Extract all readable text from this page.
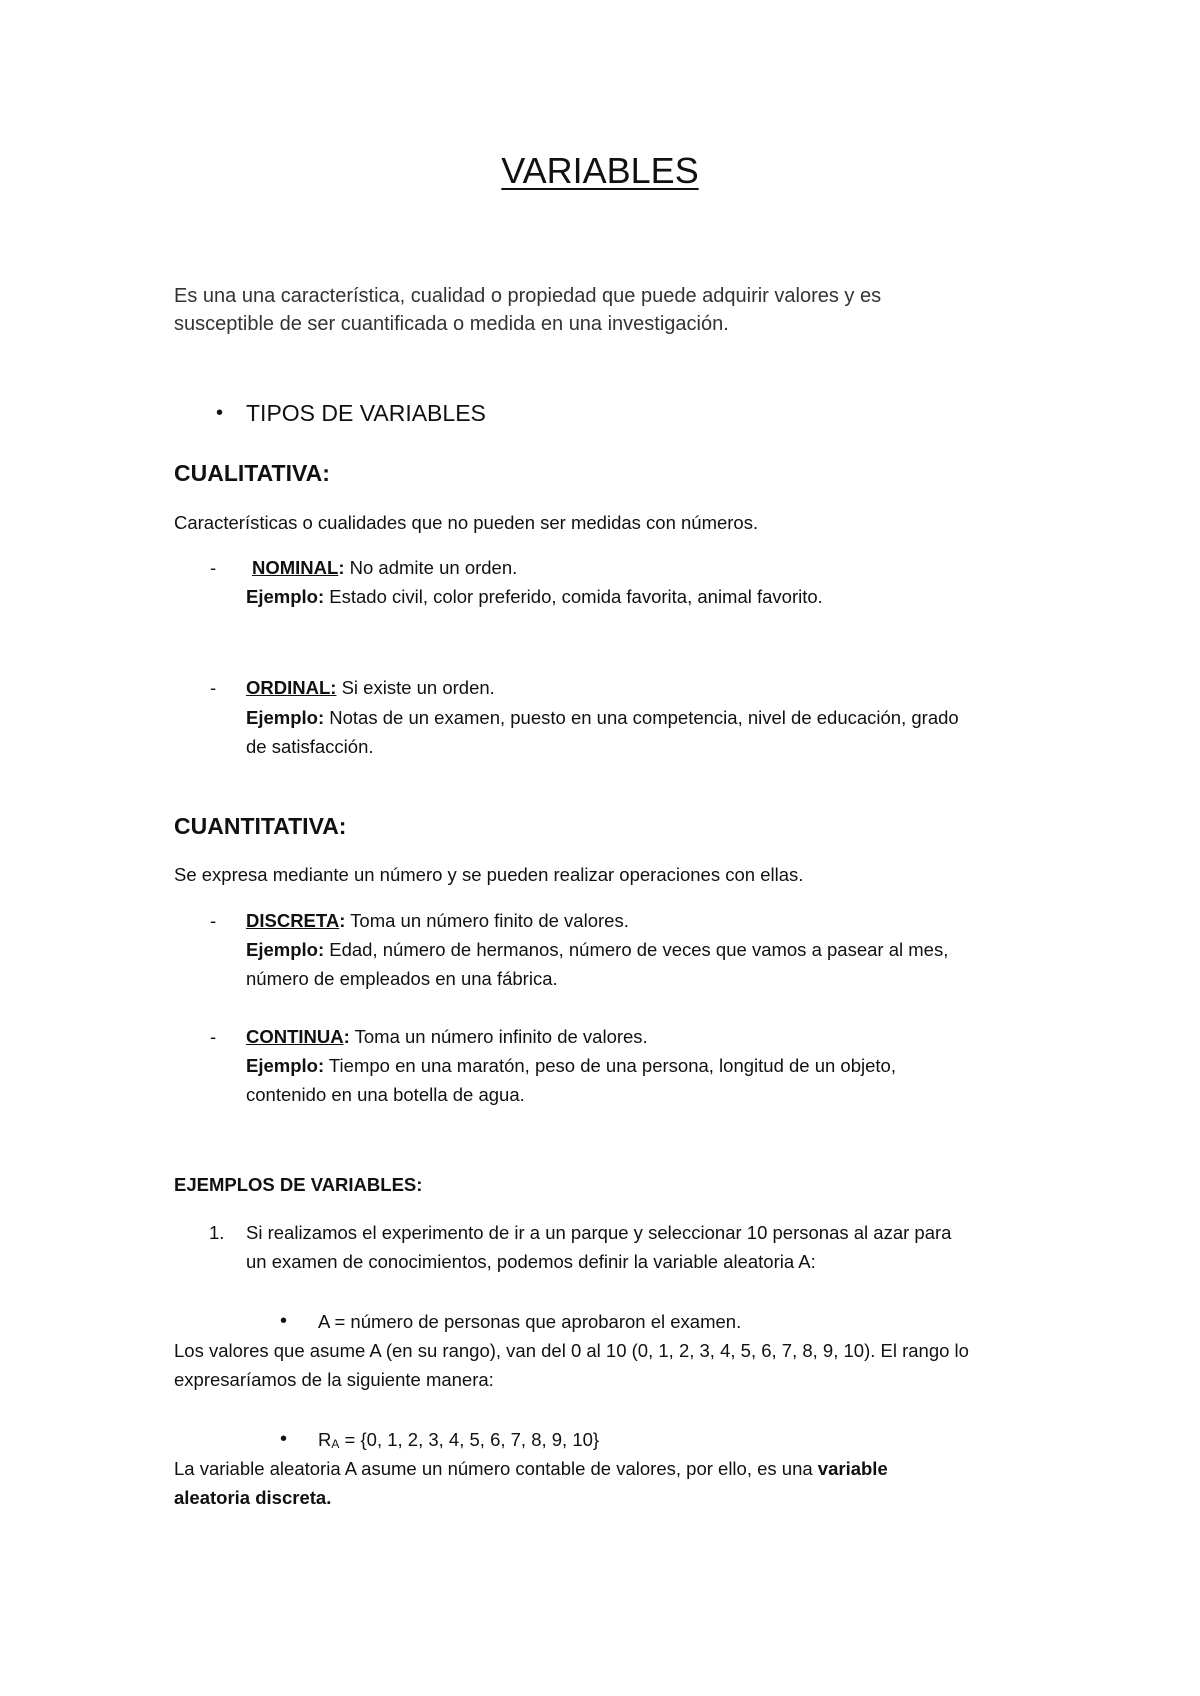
VARIABLES
Es una una característica, cualidad o propiedad que puede adquirir valores y es
susceptible de ser cuantificada o medida en una investigación.
• TIPOS DE VARIABLES
CUALITATIVA:
Características o cualidades que no pueden ser medidas con números.
- NOMINAL: No admite un orden.
Ejemplo: Estado civil, color preferido, comida favorita, animal favorito.
- ORDINAL: Si existe un orden.
Ejemplo: Notas de un examen, puesto en una competencia, nivel de educación, grado
de satisfacción.
CUANTITATIVA:
Se expresa mediante un número y se pueden realizar operaciones con ellas.
- DISCRETA: Toma un número finito de valores.
Ejemplo: Edad, número de hermanos, número de veces que vamos a pasear al mes,
número de empleados en una fábrica.
- CONTINUA: Toma un número infinito de valores.
Ejemplo: Tiempo en una maratón, peso de una persona, longitud de un objeto,
contenido en una botella de agua.
EJEMPLOS DE VARIABLES:
1. Si realizamos el experimento de ir a un parque y seleccionar 10 personas al azar para
un examen de conocimientos, podemos definir la variable aleatoria A:
• A = número de personas que aprobaron el examen.
Los valores que asume A (en su rango), van del 0 al 10 (0, 1, 2, 3, 4, 5, 6, 7, 8, 9, 10). El rango lo
expresaríamos de la siguiente manera:
• RA = {0, 1, 2, 3, 4, 5, 6, 7, 8, 9, 10}
La variable aleatoria A asume un número contable de valores, por ello, es una variable
aleatoria discreta.
